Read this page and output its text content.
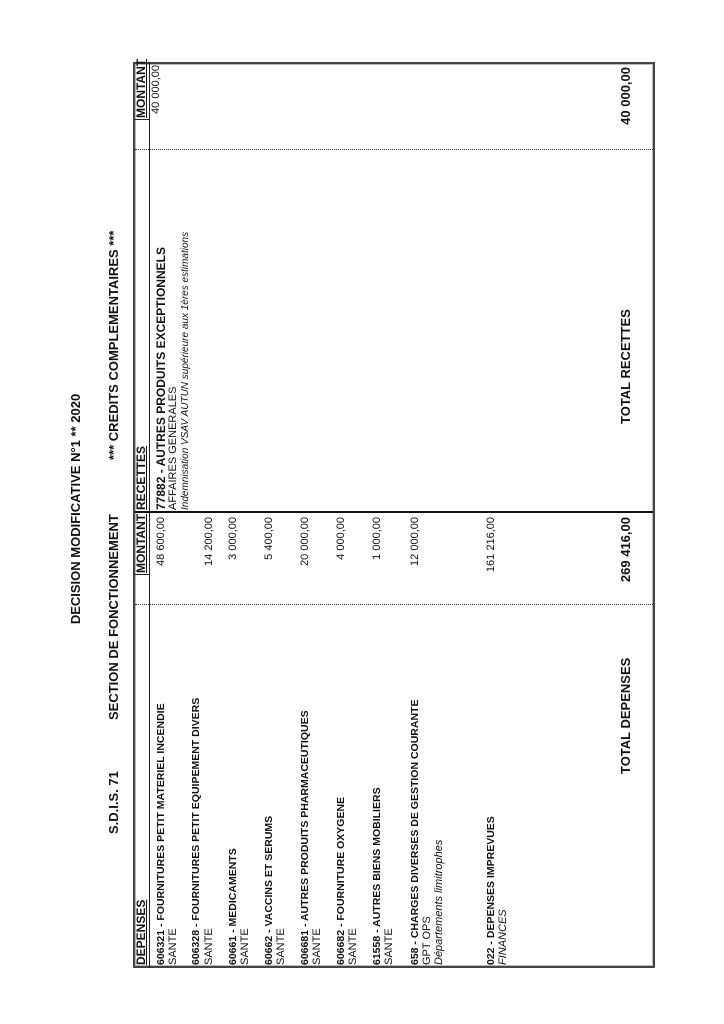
DECISION MODIFICATIVE N°1 ** 2020
S.D.I.S. 71
SECTION DE FONCTIONNEMENT
*** CREDITS COMPLEMENTAIRES ***
DEPENSES
MONTANT
RECETTES
MONTANT
606321 - FOURNITURES PETIT MATERIEL INCENDIE SANTE
48 600,00
606328 - FOURNITURES PETIT EQUIPEMENT DIVERS SANTE
14 200,00
60661 - MEDICAMENTS SANTE
3 000,00
60662 - VACCINS ET SERUMS SANTE
5 400,00
606681 - AUTRES PRODUITS PHARMACEUTIQUES SANTE
20 000,00
606682 - FOURNITURE OXYGENE SANTE
4 000,00
61558 - AUTRES BIENS MOBILIERS SANTE
1 000,00
658 - CHARGES DIVERSES DE GESTION COURANTE GPT OPS Départements limitrophes
12 000,00
022 - DEPENSES IMPREVUES FINANCES
161 216,00
77882 - AUTRES PRODUITS EXCEPTIONNELS AFFAIRES GENERALES Indemnisation VSAV AUTUN supérieure aux 1ères estimations
40 000,00
TOTAL DEPENSES
269 416,00
TOTAL RECETTES
40 000,00
